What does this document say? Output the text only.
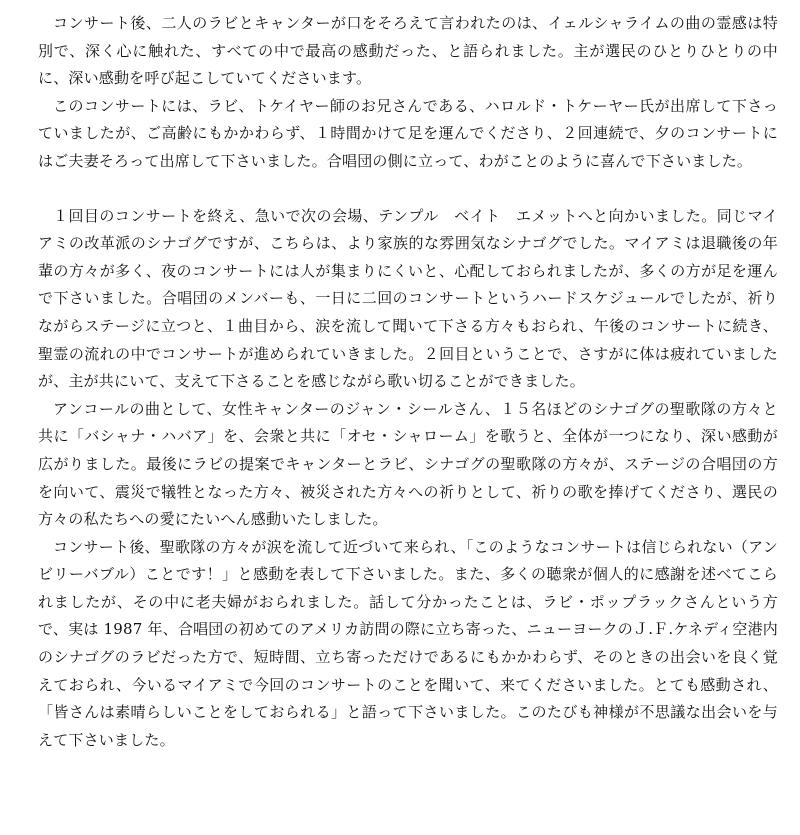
コンサート後、二人のラビとキャンターが口をそろえて言われたのは、イェルシャライムの曲の霊感は特別で、深く心に触れた、すべての中で最高の感動だった、と語られました。主が選民のひとりひとりの中に、深い感動を呼び起こしていてくださいます。

このコンサートには、ラビ、トケイヤー師のお兄さんである、ハロルド・トケーヤー氏が出席して下さっていましたが、ご高齢にもかかわらず、１時間かけて足を運んでくださり、２回連続で、夕のコンサートにはご夫妻そろって出席して下さいました。合唱団の側に立って、わがことのように喜んで下さいました。

１回目のコンサートを終え、急いで次の会場、テンプル　ベイト　エメットへと向かいました。同じマイアミの改革派のシナゴグですが、こちらは、より家族的な雰囲気なシナゴグでした。マイアミは退職後の年輩の方々が多く、夜のコンサートには人が集まりにくいと、心配しておられましたが、多くの方が足を運んで下さいました。合唱団のメンバーも、一日に二回のコンサートというハードスケジュールでしたが、祈りながらステージに立つと、１曲目から、涙を流して聞いて下さる方々もおられ、午後のコンサートに続き、聖霊の流れの中でコンサートが進められていきました。２回目ということで、さすがに体は疲れていましたが、主が共にいて、支えて下さることを感じながら歌い切ることができました。

アンコールの曲として、女性キャンターのジャン・シールさん、１５名ほどのシナゴグの聖歌隊の方々と共に「バシャナ・ハバア」を、会衆と共に「オセ・シャローム」を歌うと、全体が一つになり、深い感動が広がりました。最後にラビの提案でキャンターとラビ、シナゴグの聖歌隊の方々が、ステージの合唱団の方を向いて、震災で犠牲となった方々、被災された方々への祈りとして、祈りの歌を捧げてくださり、選民の方々の私たちへの愛にたいへん感動いたしました。

コンサート後、聖歌隊の方々が涙を流して近づいて来られ、「このようなコンサートは信じられない（アンビリーバブル）ことです！」と感動を表して下さいました。また、多くの聴衆が個人的に感謝を述べてこられましたが、その中に老夫婦がおられました。話して分かったことは、ラビ・ポップラックさんという方で、実は 1987 年、合唱団の初めてのアメリカ訪問の際に立ち寄った、ニューヨークのＪ.Ｆ.ケネディ空港内のシナゴグのラビだった方で、短時間、立ち寄っただけであるにもかかわらず、そのときの出会いを良く覚えておられ、今いるマイアミで今回のコンサートのことを聞いて、来てくださいました。とても感動され、「皆さんは素晴らしいことをしておられる」と語って下さいました。このたびも神様が不思議な出会いを与えて下さいました。
